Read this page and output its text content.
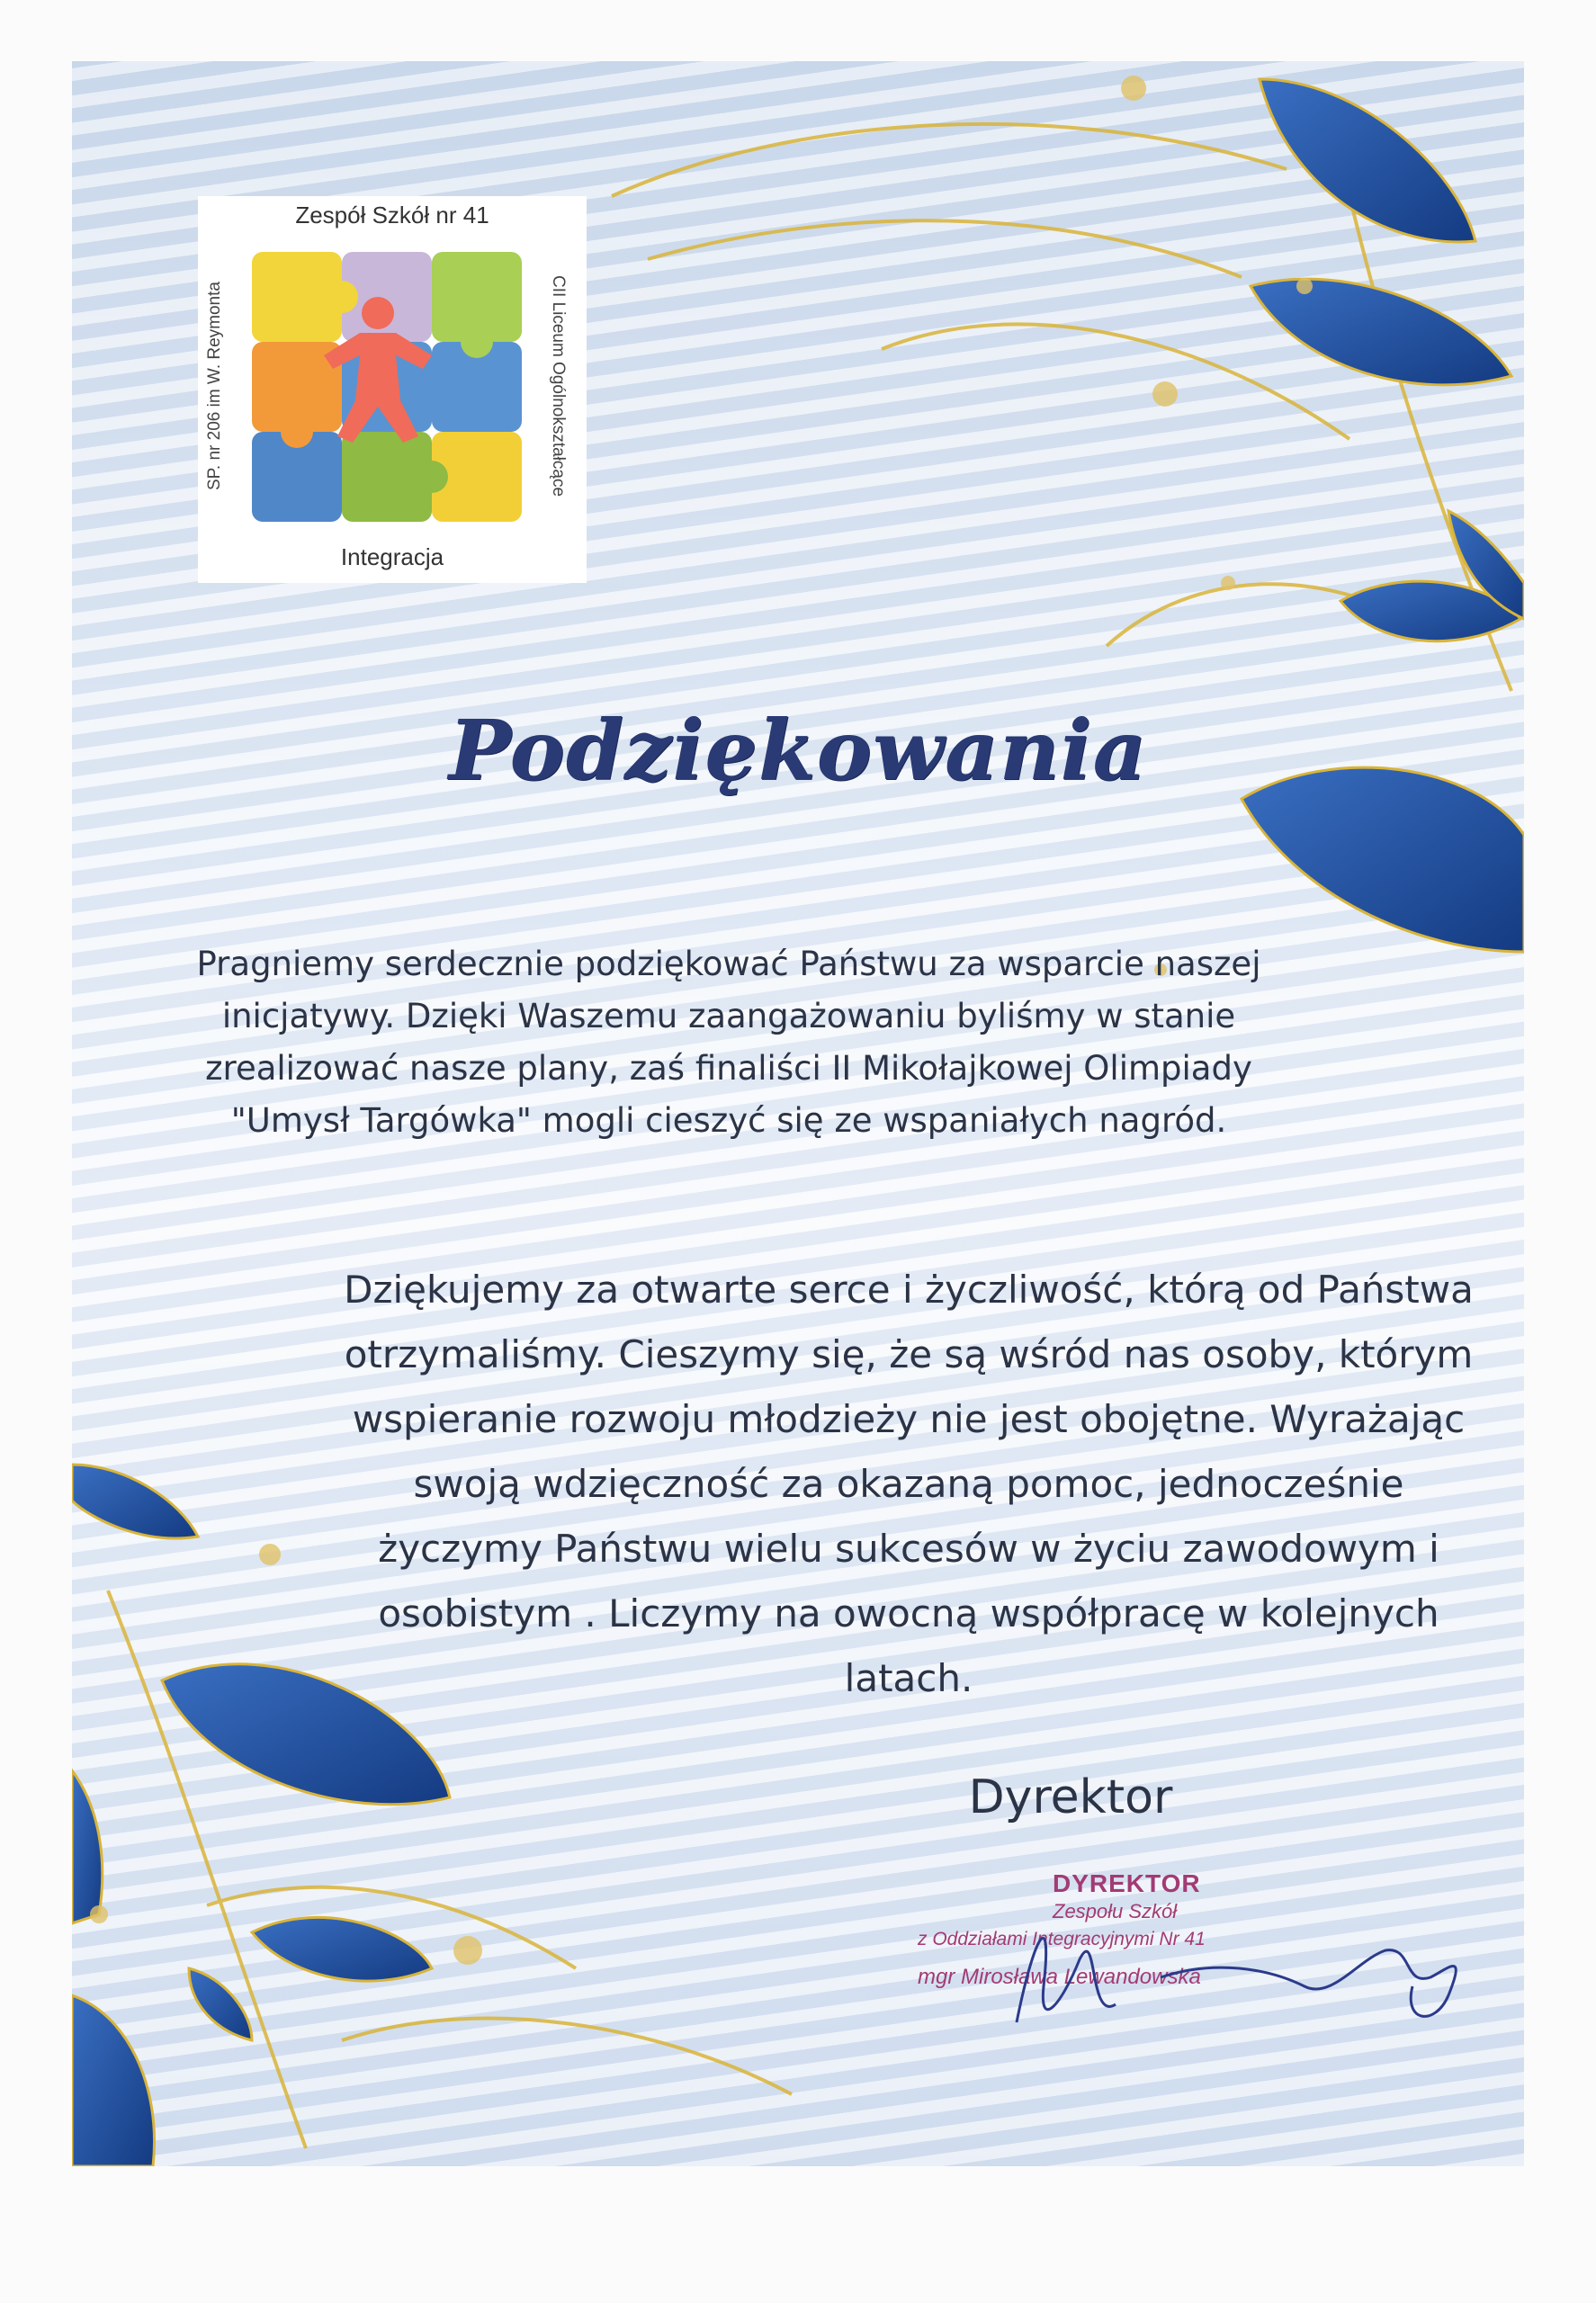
Zespół Szkół nr 41
SP. nr 206 im W. Reymonta	CII Liceum Ogólnokształcące
Integracja
Podziękowania

Pragniemy serdecznie podziękować Państwu za wsparcie naszej inicjatywy. Dzięki Waszemu zaangażowaniu byliśmy w stanie zrealizować nasze plany, zaś finaliści II Mikołajkowej Olimpiady "Umysł Targówka" mogli cieszyć się ze wspaniałych nagród.

Dziękujemy za otwarte serce i życzliwość, którą od Państwa otrzymaliśmy. Cieszymy się, że są wśród nas osoby, którym wspieranie rozwoju młodzieży nie jest obojętne. Wyrażając swoją wdzięczność za okazaną pomoc, jednocześnie życzymy Państwu wielu sukcesów w życiu zawodowym i osobistym . Liczymy na owocną współpracę w kolejnych latach.

Dyrektor
DYREKTOR
Zespołu Szkół
z Oddziałami Integracyjnymi Nr 41
mgr Mirosława Lewandowska
